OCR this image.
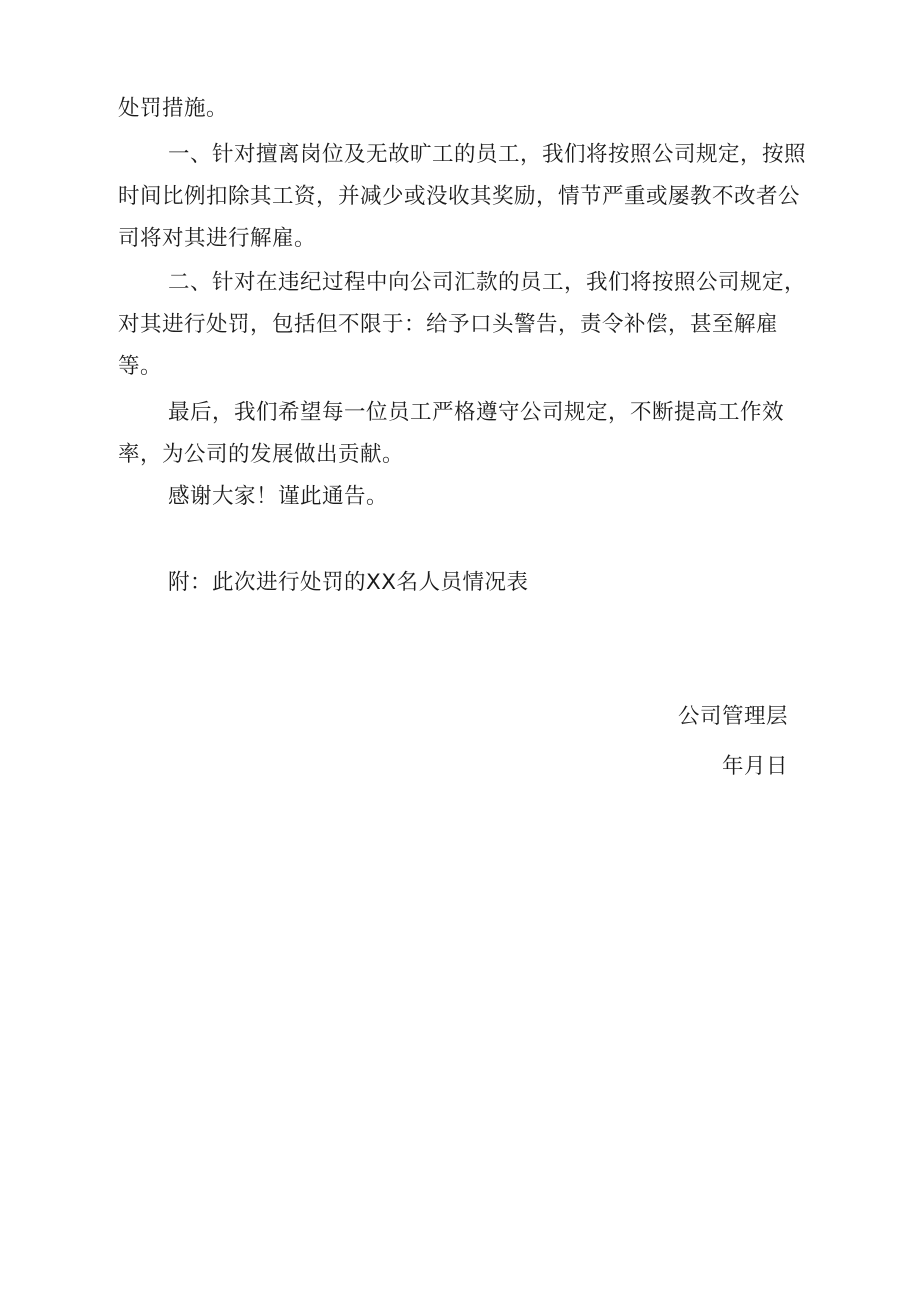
处罚措施。

一、针对擅离岗位及无故旷工的员工，我们将按照公司规定，按照
时间比例扣除其工资，并减少或没收其奖励，情节严重或屡教不改者公
司将对其进行解雇。

二、针对在违纪过程中向公司汇款的员工，我们将按照公司规定，
对其进行处罚，包括但不限于：给予口头警告，责令补偿，甚至解雇
等。

最后，我们希望每一位员工严格遵守公司规定，不断提高工作效
率，为公司的发展做出贡献。

感谢大家！谨此通告。

附：此次进行处罚的XX名人员情况表

公司管理层
年月日
